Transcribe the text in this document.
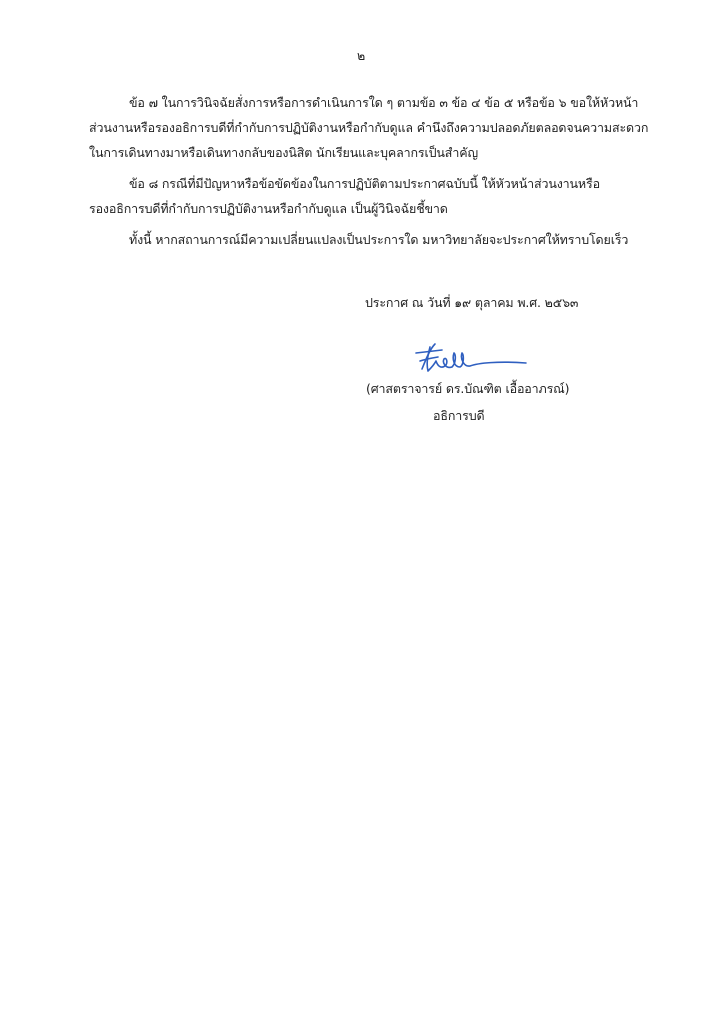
๒
ข้อ ๗ ในการวินิจฉัยสั่งการหรือการดำเนินการใด ๆ ตามข้อ ๓ ข้อ ๔ ข้อ ๕ หรือข้อ ๖ ขอให้หัวหน้า
ส่วนงานหรือรองอธิการบดีที่กำกับการปฏิบัติงานหรือกำกับดูแล คำนึงถึงความปลอดภัยตลอดจนความสะดวก
ในการเดินทางมาหรือเดินทางกลับของนิสิต นักเรียนและบุคลากรเป็นสำคัญ
ข้อ ๘ กรณีที่มีปัญหาหรือข้อขัดข้องในการปฏิบัติตามประกาศฉบับนี้ ให้หัวหน้าส่วนงานหรือ
รองอธิการบดีที่กำกับการปฏิบัติงานหรือกำกับดูแล เป็นผู้วินิจฉัยชี้ขาด
ทั้งนี้ หากสถานการณ์มีความเปลี่ยนแปลงเป็นประการใด มหาวิทยาลัยจะประกาศให้ทราบโดยเร็ว
ประกาศ ณ วันที่ ๑๙ ตุลาคม พ.ศ. ๒๕๖๓
(ศาสตราจารย์ ดร.บัณฑิต เอื้ออาภรณ์)
อธิการบดี
